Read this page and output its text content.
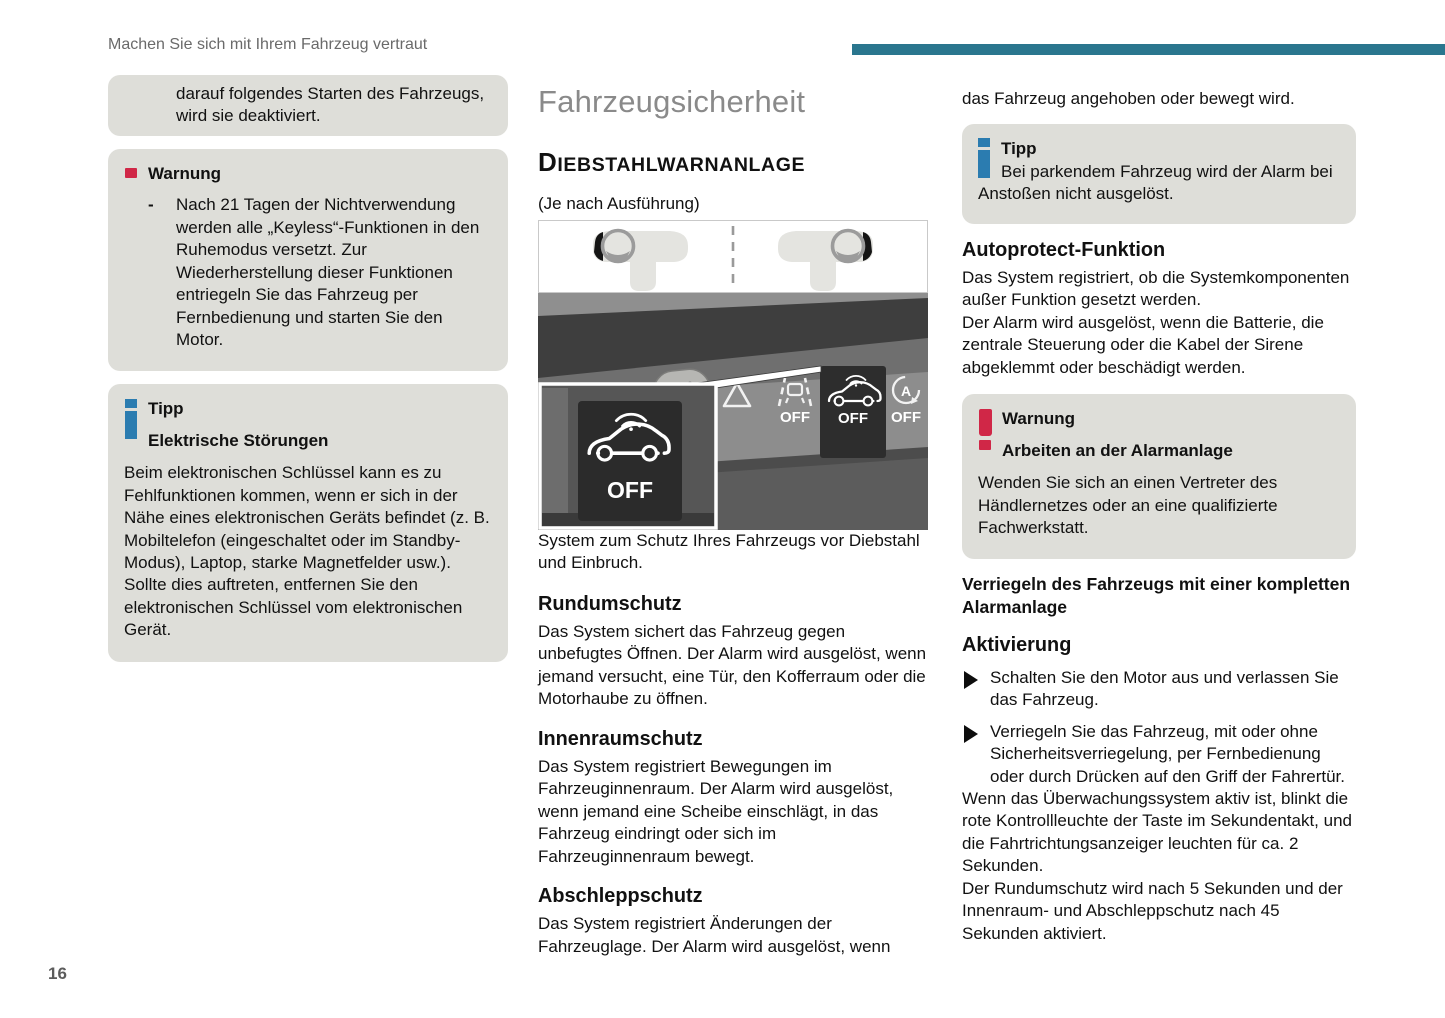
Machen Sie sich mit Ihrem Fahrzeug vertraut
darauf folgendes Starten des Fahrzeugs, wird sie deaktiviert.
Warnung
-	Nach 21 Tagen der Nichtverwendung werden alle „Keyless“-Funktionen in den Ruhemodus versetzt. Zur Wiederherstellung dieser Funktionen entriegeln Sie das Fahrzeug per Fernbedienung und starten Sie den Motor.
Tipp
Elektrische Störungen
Beim elektronischen Schlüssel kann es zu Fehlfunktionen kommen, wenn er sich in der Nähe eines elektronischen Geräts befindet (z. B. Mobiltelefon (eingeschaltet oder im Standby-Modus), Laptop, starke Magnetfelder usw.). Sollte dies auftreten, entfernen Sie den elektronischen Schlüssel vom elektronischen Gerät.
Fahrzeugsicherheit
DIEBSTAHLWARNANLAGE

(Je nach Ausführung)

OFF OFF
A
OFF
OFF

System zum Schutz Ihres Fahrzeugs vor Diebstahl und Einbruch.

Rundumschutz

Das System sichert das Fahrzeug gegen unbefugtes Öffnen. Der Alarm wird ausgelöst, wenn jemand versucht, eine Tür, den Kofferraum oder die Motorhaube zu öffnen.

Innenraumschutz

Das System registriert Bewegungen im Fahrzeuginnenraum. Der Alarm wird ausgelöst, wenn jemand eine Scheibe einschlägt, in das Fahrzeug eindringt oder sich im Fahrzeuginnenraum bewegt.

Abschleppschutz

Das System registriert Änderungen der Fahrzeuglage. Der Alarm wird ausgelöst, wenn

das Fahrzeug angehoben oder bewegt wird.

Tipp
Bei parkendem Fahrzeug wird der Alarm bei Anstoßen nicht ausgelöst.
Autoprotect-Funktion

Das System registriert, ob die Systemkomponenten außer Funktion gesetzt werden.

Der Alarm wird ausgelöst, wenn die Batterie, die zentrale Steuerung oder die Kabel der Sirene abgeklemmt oder beschädigt werden.

Warnung
Arbeiten an der Alarmanlage
Wenden Sie sich an einen Vertreter des Händlernetzes oder an eine qualifizierte Fachwerkstatt.
Verriegeln des Fahrzeugs mit einer kompletten Alarmanlage
Aktivierung
Schalten Sie den Motor aus und verlassen Sie das Fahrzeug.
Verriegeln Sie das Fahrzeug, mit oder ohne Sicherheitsverriegelung, per Fernbedienung oder durch Drücken auf den Griff der Fahrertür.

Wenn das Überwachungssystem aktiv ist, blinkt die rote Kontrollleuchte der Taste im Sekundentakt, und die Fahrtrichtungsanzeiger leuchten für ca. 2 Sekunden.

Der Rundumschutz wird nach 5 Sekunden und der Innenraum- und Abschleppschutz nach 45 Sekunden aktiviert.

16
